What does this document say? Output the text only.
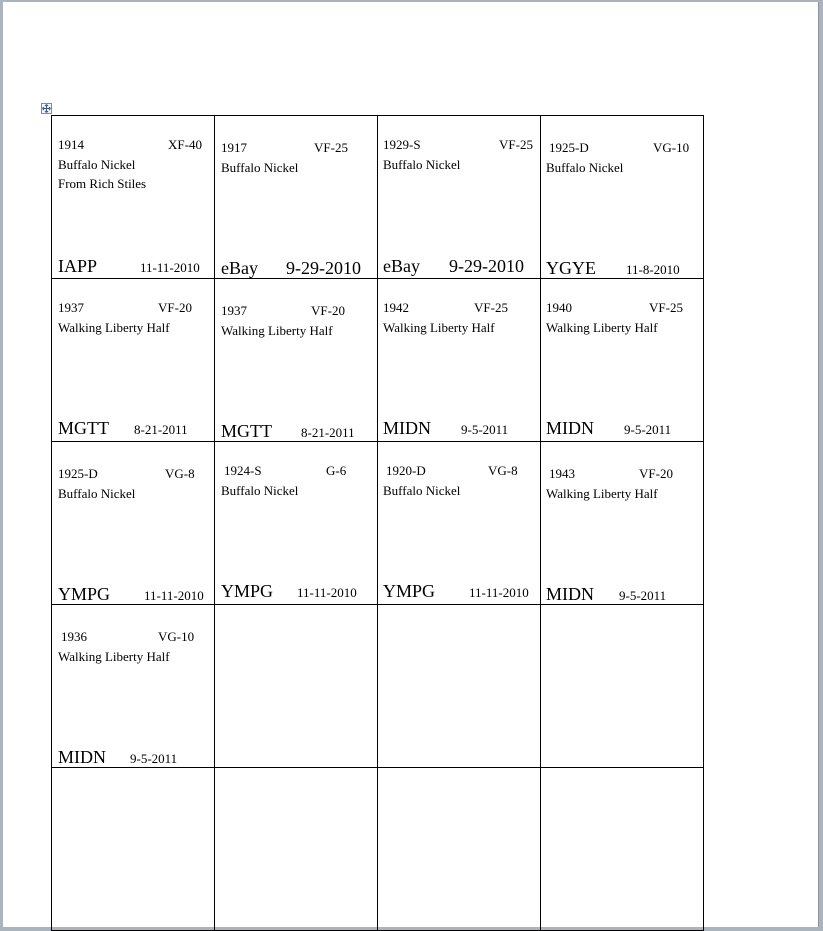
1914	XF-40
Buffalo Nickel
From Rich Stiles
IAPP	11-11-2010
1917	VF-25
Buffalo Nickel
eBay 9-29-2010
1929-S	VF-25
Buffalo Nickel
eBay 9-29-2010
1925-D	VG-10
Buffalo Nickel
YGYE 11-8-2010
1937	VF-20
Walking Liberty Half
MGTT 8-21-2011
1937	VF-20
Walking Liberty Half
MGTT 8-21-2011
1942	VF-25
Walking Liberty Half
MIDN 9-5-2011
1940	VF-25
Walking Liberty Half
MIDN 9-5-2011
1925-D	VG-8
Buffalo Nickel
YMPG	11-11-2010
1924-S	G-6
Buffalo Nickel
YMPG 11-11-2010
1920-D	VG-8
Buffalo Nickel
YMPG	11-11-2010
1943	VF-20
Walking Liberty Half
MIDN 9-5-2011
1936	VG-10
Walking Liberty Half
MIDN 9-5-2011
